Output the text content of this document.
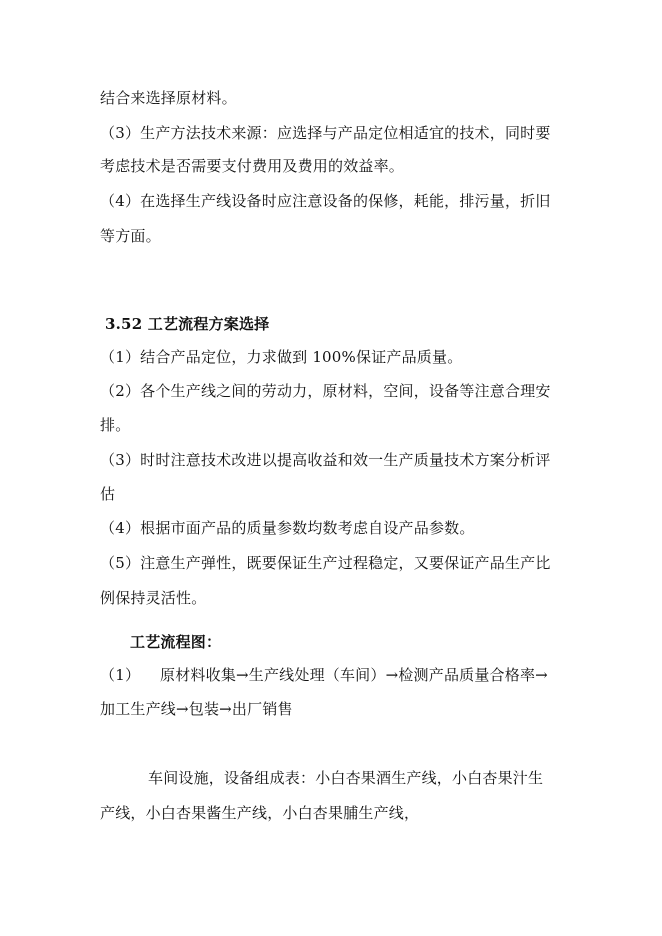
结合来选择原材料。
（3）生产方法技术来源：应选择与产品定位相适宜的技术，同时要
考虑技术是否需要支付费用及费用的效益率。
（4）在选择生产线设备时应注意设备的保修，耗能，排污量，折旧
等方面。
3.52 工艺流程方案选择
（1）结合产品定位，力求做到 100%保证产品质量。
（2）各个生产线之间的劳动力，原材料，空间，设备等注意合理安
排。
（3）时时注意技术改进以提高收益和效一生产质量技术方案分析评
估
（4）根据市面产品的质量参数均数考虑自设产品参数。
（5）注意生产弹性，既要保证生产过程稳定，又要保证产品生产比
例保持灵活性。
工艺流程图：
（1）    原材料收集→生产线处理（车间）→检测产品质量合格率→
加工生产线→包装→出厂销售
车间设施，设备组成表：小白杏果酒生产线，小白杏果汁生
产线，小白杏果酱生产线，小白杏果脯生产线，
